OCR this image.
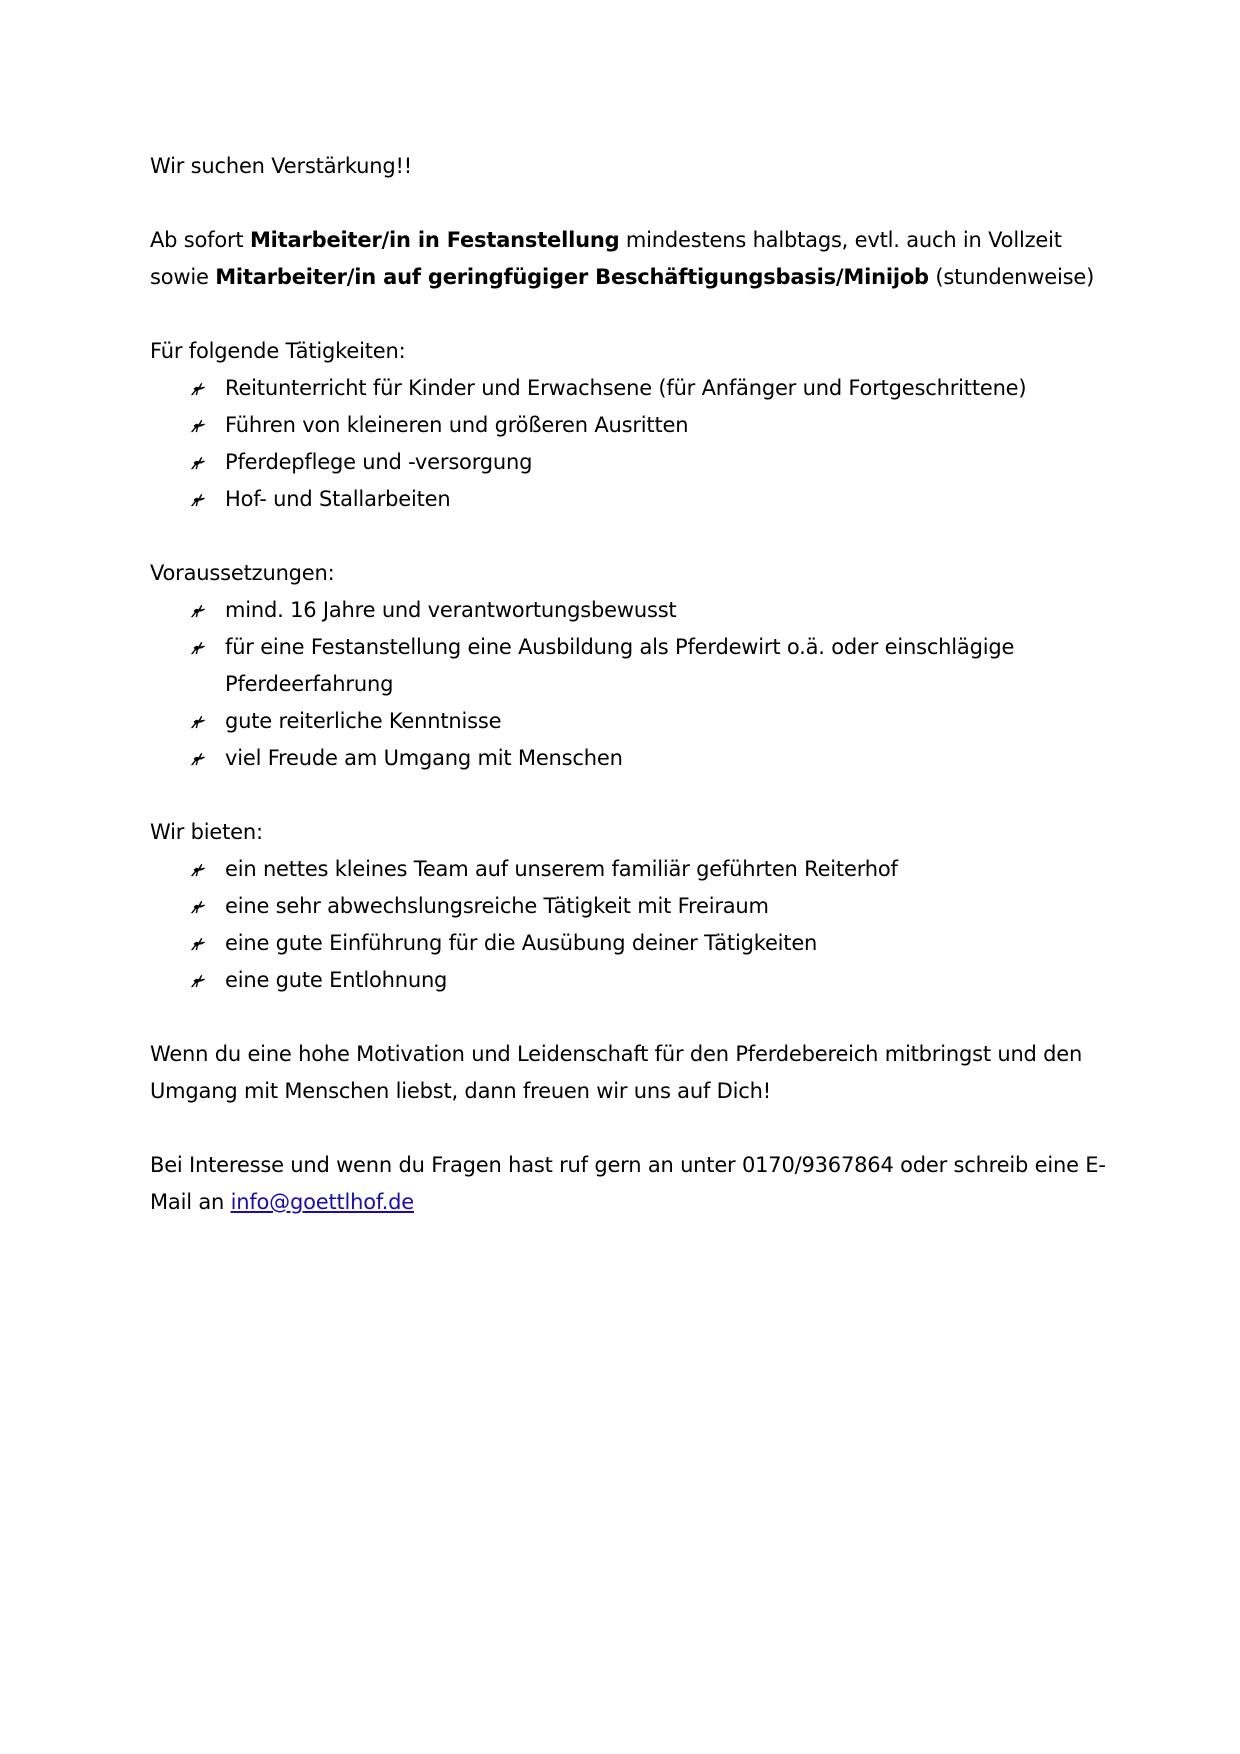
Wir suchen Verstärkung!!

Ab sofort Mitarbeiter/in in Festanstellung mindestens halbtags, evtl. auch in Vollzeit
sowie Mitarbeiter/in auf geringfügiger Beschäftigungsbasis/Minijob (stundenweise)

Für folgende Tätigkeiten:

Reitunterricht für Kinder und Erwachsene (für Anfänger und Fortgeschrittene)
Führen von kleineren und größeren Ausritten
Pferdepflege und -versorgung
Hof- und Stallarbeiten

Voraussetzungen:

mind. 16 Jahre und verantwortungsbewusst
für eine Festanstellung eine Ausbildung als Pferdewirt o.ä. oder einschlägige Pferdeerfahrung
gute reiterliche Kenntnisse
viel Freude am Umgang mit Menschen

Wir bieten:

ein nettes kleines Team auf unserem familiär geführten Reiterhof
eine sehr abwechslungsreiche Tätigkeit mit Freiraum
eine gute Einführung für die Ausübung deiner Tätigkeiten
eine gute Entlohnung

Wenn du eine hohe Motivation und Leidenschaft für den Pferdebereich mitbringst und den Umgang mit Menschen liebst, dann freuen wir uns auf Dich!

Bei Interesse und wenn du Fragen hast ruf gern an unter 0170/9367864 oder schreib eine E-Mail an info@goettlhof.de
